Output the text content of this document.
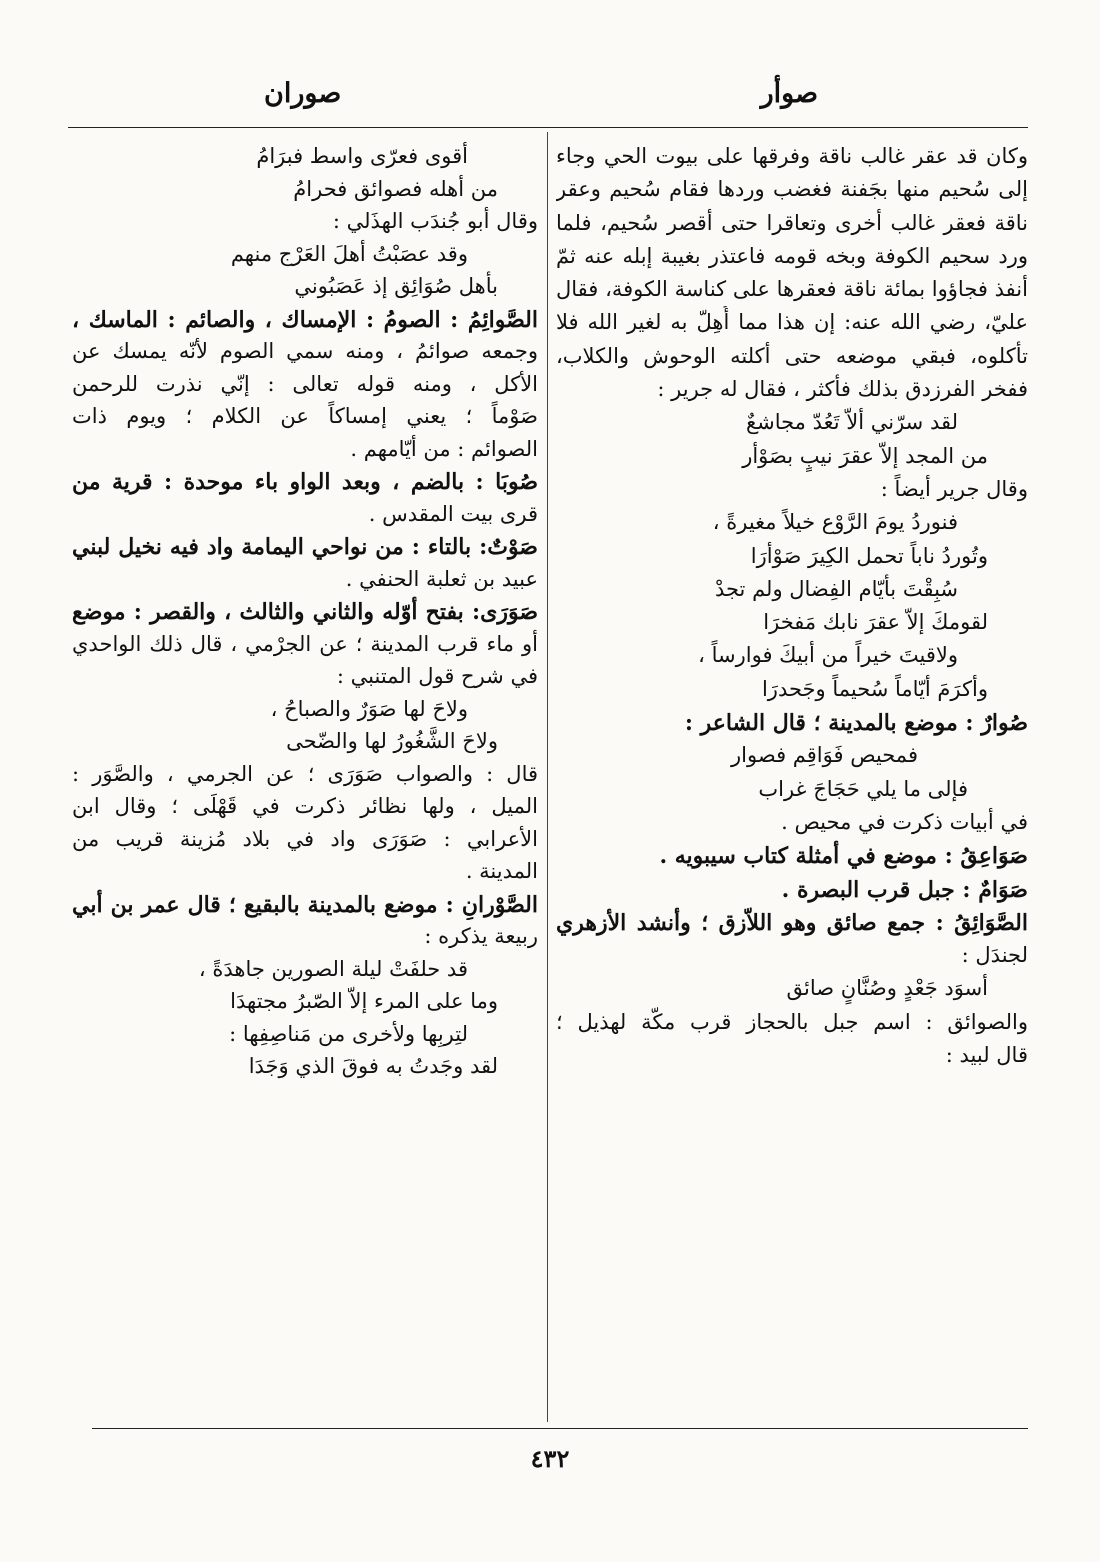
صوأر
صوران
وكان قد عقر غالب ناقة وفرقها على بيوت الحي وجاء
إلى سُحيم منها بجَفنة فغضب وردها فقام سُحيم وعقر
ناقة فعقر غالب أخرى وتعاقرا حتى أقصر سُحيم، فلما
ورد سحيم الكوفة وبخه قومه فاعتذر بغيبة إبله عنه ثمّ
أنفذ فجاؤوا بمائة ناقة فعقرها على كناسة الكوفة، فقال
عليّ، رضي الله عنه: إن هذا مما أُهِلّ به لغير الله فلا
تأكلوه، فبقي موضعه حتى أكلته الوحوش والكلاب،
ففخر الفرزدق بذلك فأكثر ، فقال له جرير :
لقد سرّني ألاّ تَعُدّ مجاشعٌ
من المجد إلاّ عقرَ نيبٍ بصَوْأر
وقال جرير أيضاً :
فنوردُ يومَ الرَّوْع خيلاً مغيرةً ،
وتُوردُ ناباً تحمل الكِيرَ صَوْأرَا
سُبِقْتَ بأيّام الفِضال ولم تجدْ
لقومكَ إلاّ عقرَ نابك مَفخرَا
ولاقيتَ خيراً من أبيكَ فوارساً ،
وأكرَمَ أيّاماً سُحيماً وجَحدرَا
صُوارٌ : موضع بالمدينة ؛ قال الشاعر :
فمحيص فَوَاقِم فصوار
فإلى ما يلي حَجَاجَ غراب
في أبيات ذكرت في محيص .
صَوَاعِقُ : موضع في أمثلة كتاب سيبويه .
صَوَامٌ : جبل قرب البصرة .
الصَّوَائِقُ : جمع صائق وهو اللاّزق ؛ وأنشد الأزهري
لجندَل :
أسوَد جَعْدٍ وصُنَّانٍ صائق
والصوائق : اسم جبل بالحجاز قرب مكّة لهذيل ؛
قال لبيد :
أقوى فعرّى واسط فبرَامُ
من أهله فصوائق فحرامُ
وقال أبو جُندَب الهذَلي :
وقد عصَبْتُ أهلَ العَرْج منهم
بأهل صُوَائِق إذ عَصَبُوني
الصَّوائِمُ : الصومُ : الإمساك ، والصائم : الماسك ،
وجمعه صوائمُ ، ومنه سمي الصوم لأنّه يمسك عن
الأكل ، ومنه قوله تعالى : إنّي نذرت للرحمن
صَوْماً ؛ يعني إمساكاً عن الكلام ؛ ويوم ذات
الصوائم : من أيّامهم .
صُوبَا : بالضم ، وبعد الواو باء موحدة : قرية من
قرى بيت المقدس .
صَوْتٌ: بالتاء : من نواحي اليمامة واد فيه نخيل لبني
عبيد بن ثعلبة الحنفي .
صَوَرَى: بفتح أوّله والثاني والثالث ، والقصر : موضع
أو ماء قرب المدينة ؛ عن الجرْمي ، قال ذلك الواحدي
في شرح قول المتنبي :
ولاحَ لها صَوَرٌ والصباحُ ،
ولاحَ الشَّغُورُ لها والضّحى
قال : والصواب صَوَرَى ؛ عن الجرمي ، والصَّوَر :
الميل ، ولها نظائر ذكرت في قَهْلَى ؛ وقال ابن
الأعرابي : صَوَرَى واد في بلاد مُزينة قريب من
المدينة .
الصَّوْرانِ : موضع بالمدينة بالبقيع ؛ قال عمر بن أبي
ربيعة يذكره :
قد حلفَتْ ليلة الصورين جاهدَةً ،
وما على المرء إلاّ الصّبرُ مجتهدَا
لتِربِها ولأخرى من مَناصِفِها :
لقد وجَدتُ به فوقَ الذي وَجَدَا
٤٣٢
